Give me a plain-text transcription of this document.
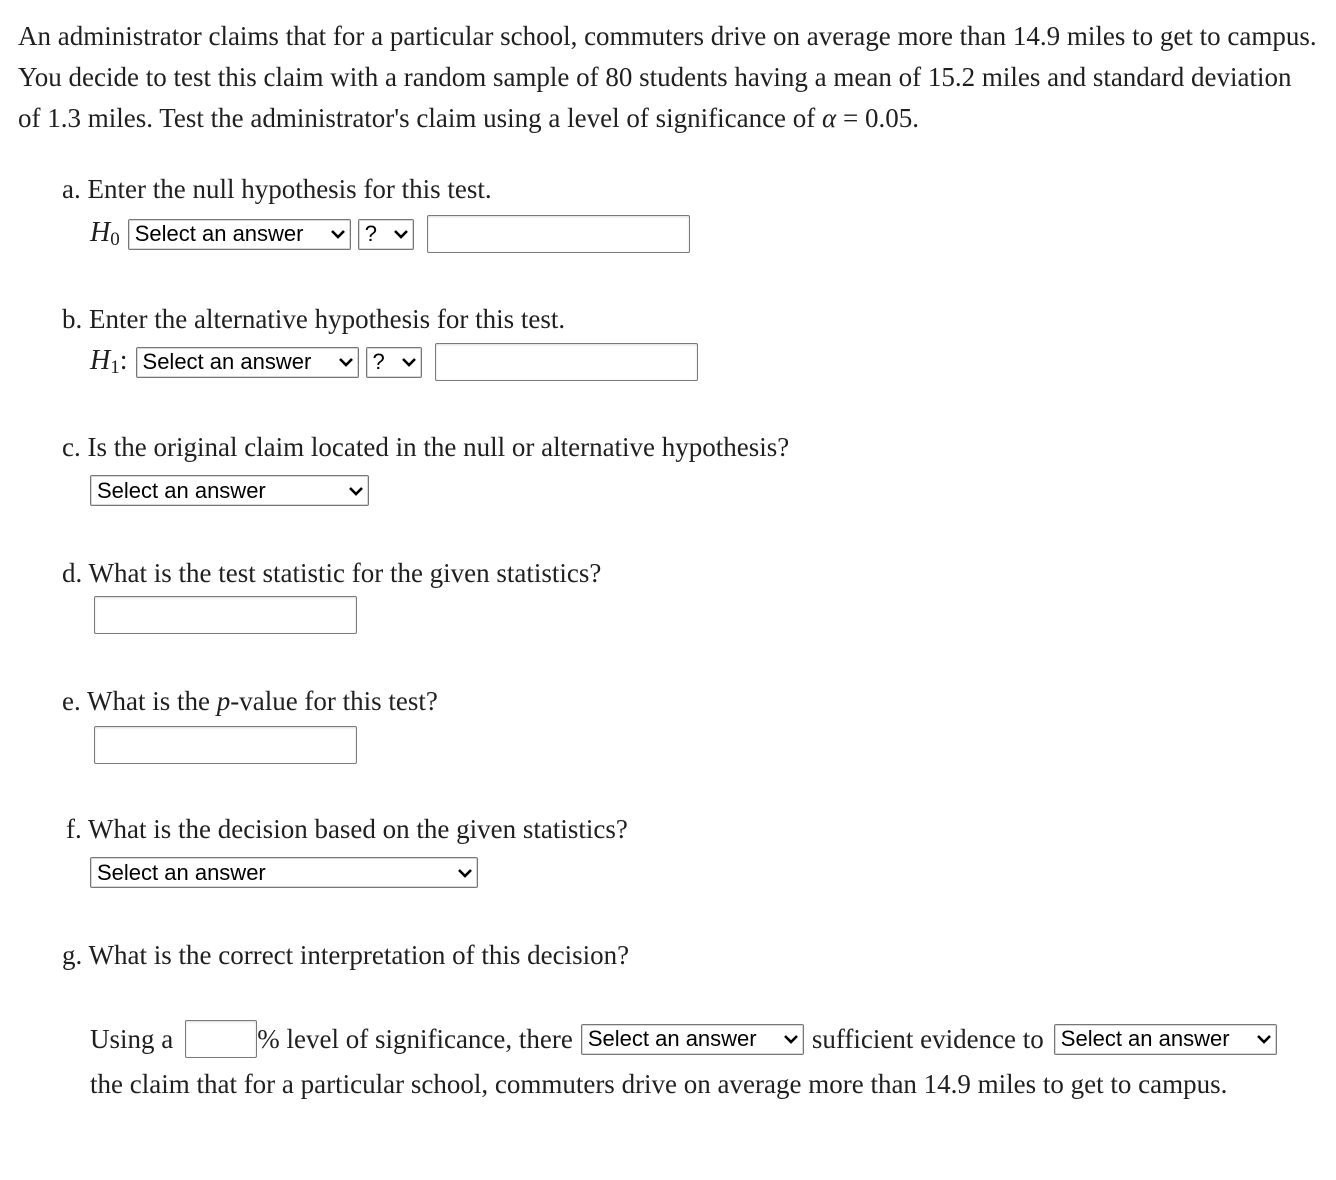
An administrator claims that for a particular school, commuters drive on average more than 14.9 miles to get to campus. You decide to test this claim with a random sample of 80 students having a mean of 15.2 miles and standard deviation of 1.3 miles. Test the administrator's claim using a level of significance of α = 0.05.

a. Enter the null hypothesis for this test.

$H_0$ Select an answer	?

b. Enter the alternative hypothesis for this test.

$H_1$: Select an answer	?

c. Is the original claim located in the null or alternative hypothesis?

Select an answer

d. What is the test statistic for the given statistics?

e. What is the p-value for this test?

f. What is the decision based on the given statistics?

Select an answer

g. What is the correct interpretation of this decision?

Using a	% level of significance, there Select an answer sufficient evidence to Select an answer
the claim that for a particular school, commuters drive on average more than 14.9 miles to get to campus.
